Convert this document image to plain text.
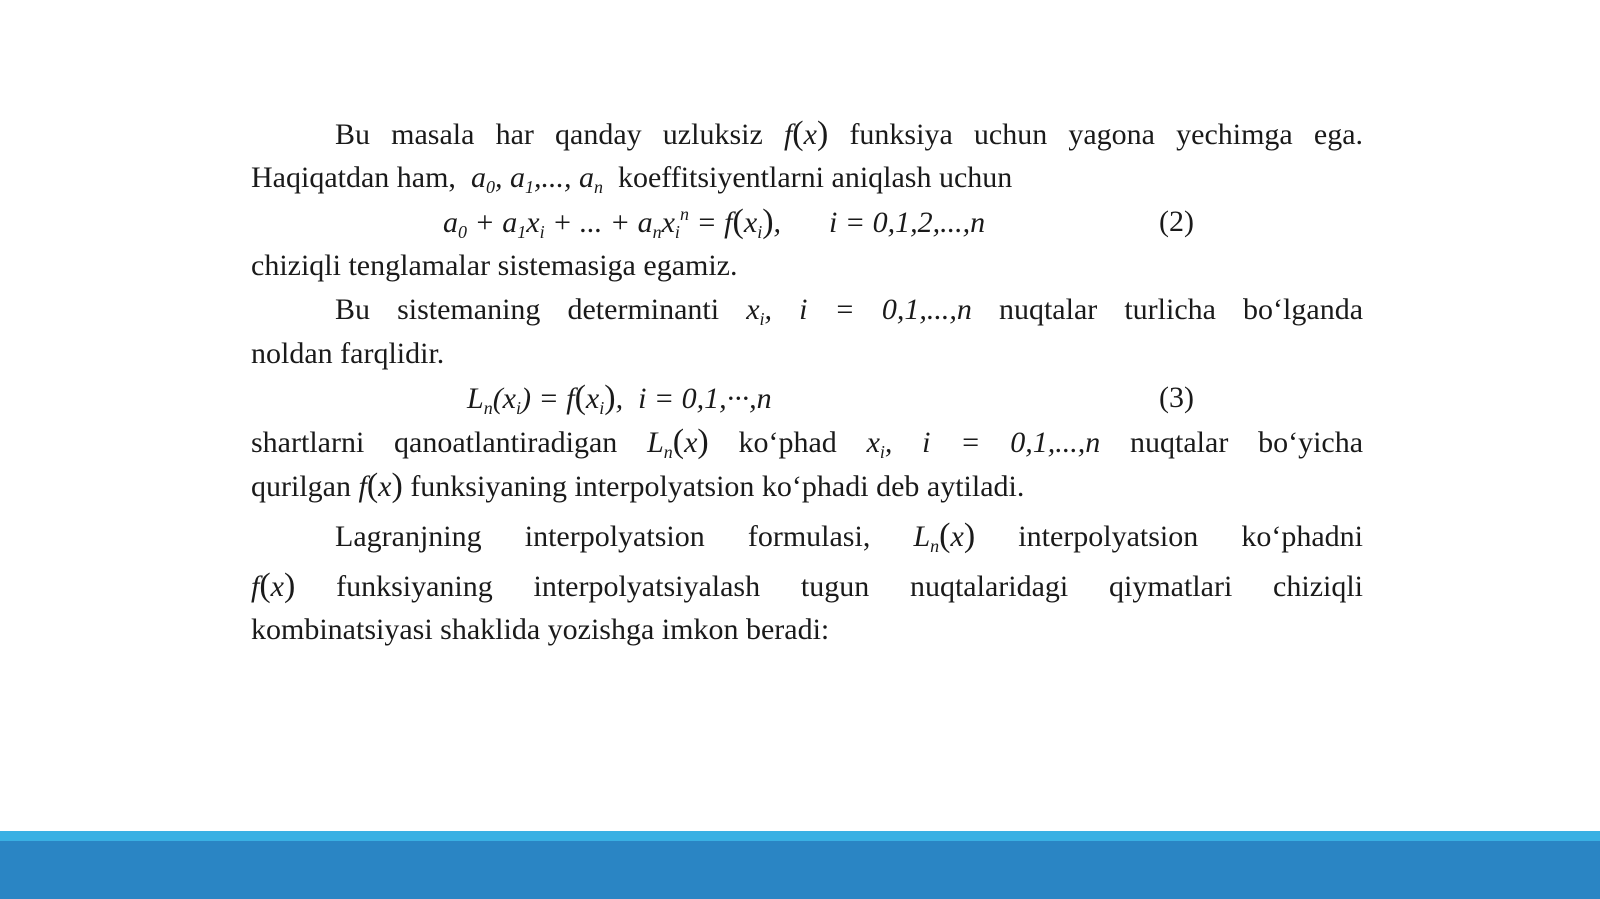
Bu masala har qanday uzluksiz f(x) funksiya uchun yagona yechimga ega.
Haqiqatdan ham,  $a_0$, $a_1$,..., $a_n$ koeffitsiyentlarni aniqlash uchun
$a_0 + a_1x_i$ + ... + $a_nx_i^n = f(x_i)$, i = 0,1,2,...,n	(2)
chiziqli tenglamalar sistemasiga egamiz.
Bu sistemaning determinanti $x_i$, i = 0,1,...,n nuqtalar turlicha bo‘lganda
noldan farqlidir.
$L_n(x_i) = f(x_i)$,  i = 0,1,···,n	(3)
shartlarni qanoatlantiradigan $L_n(x)$ ko‘phad $x_i$, i = 0,1,...,n nuqtalar bo‘yicha
qurilgan f(x) funksiyaning interpolyatsion ko‘phadi deb aytiladi.
Lagranjning interpolyatsion formulasi, $L_n(x)$ interpolyatsion ko‘phadni
f(x) funksiyaning interpolyatsiyalash tugun nuqtalaridagi qiymatlari chiziqli
kombinatsiyasi shaklida yozishga imkon beradi:
